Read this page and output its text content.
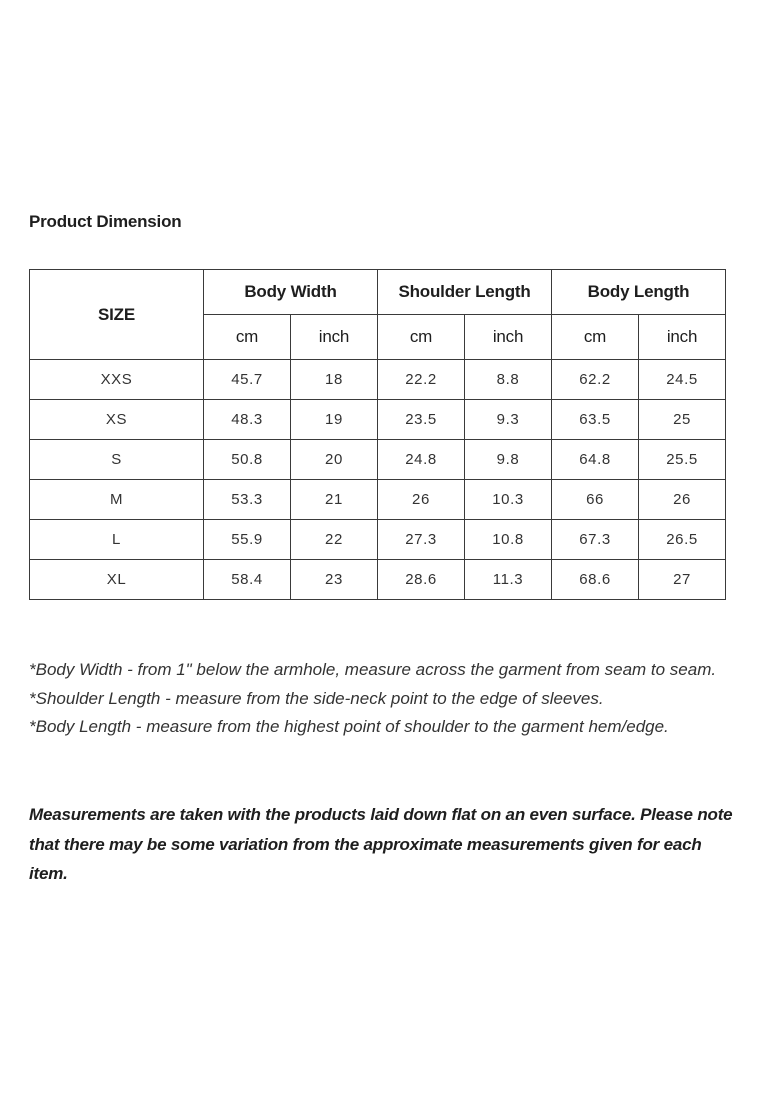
Product Dimension
SIZE	Body Width		Shoulder Length		Body Length	
	cm	inch	cm	inch	cm	inch
XXS	45.7	18	22.2	8.8	62.2	24.5
XS	48.3	19	23.5	9.3	63.5	25
S	50.8	20	24.8	9.8	64.8	25.5
M	53.3	21	26	10.3	66	26
L	55.9	22	27.3	10.8	67.3	26.5
XL	58.4	23	28.6	11.3	68.6	27

*Body Width - from 1" below the armhole, measure across the garment from seam to seam.

*Shoulder Length - measure from the side-neck point to the edge of sleeves.

*Body Length - measure from the highest point of shoulder to the garment hem/edge.

Measurements are taken with the products laid down flat on an even surface. Please note that there may be some variation from the approximate measurements given for each item.
